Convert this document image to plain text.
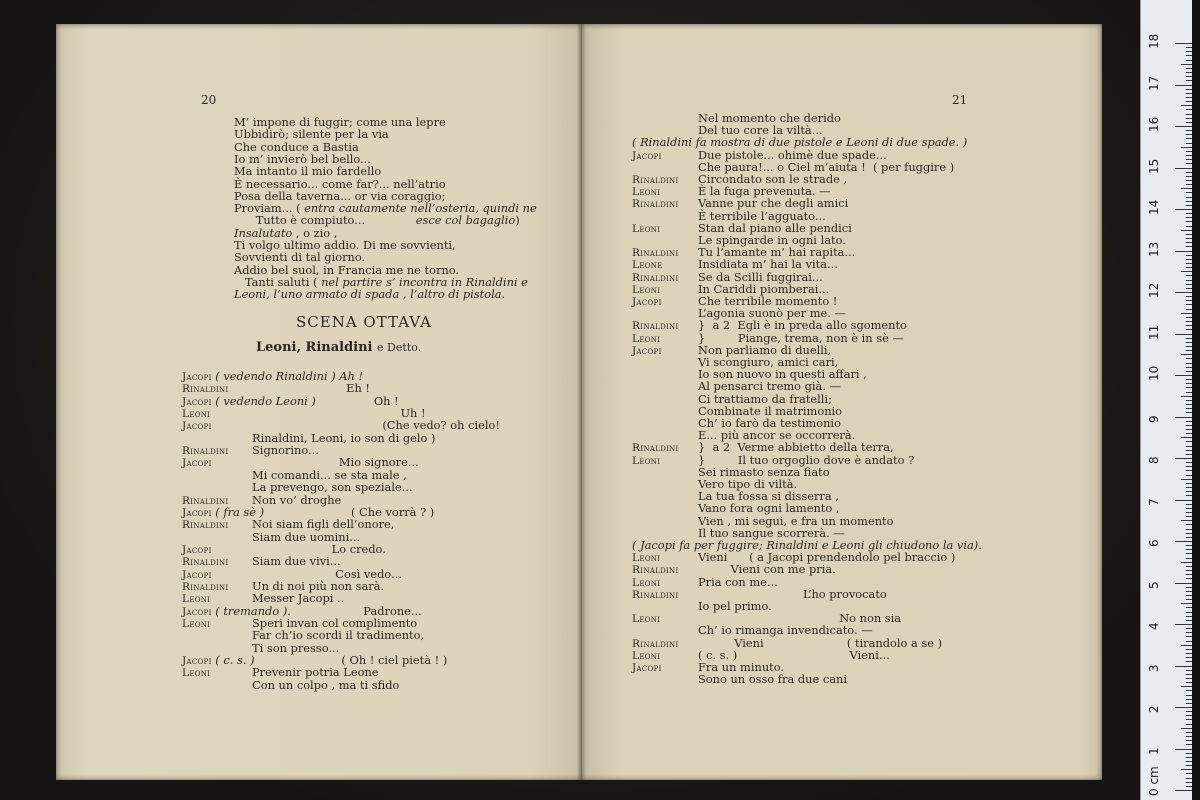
20
M’ impone di fuggir; come una lepre
Ubbidirò; silente per la via
Che conduce a Bastia
Io m’ invierò bel bello...
Ma intanto il mio fardello
È necessario... come far?... nell’atrio
Posa della taverna... or via coraggio;
Proviam... ( entra cautamente nell’osteria, quindi ne
Tutto è compiuto...              esce col bagaglio)
Insalutato , o zio ,
Ti volgo ultimo addio. Di me sovvienti,
Sovvienti di tal giorno.
Addio bel suol, in Francia me ne torno.
Tanti saluti ( nel partire s’ incontra in Rinaldini e
Leoni, l’uno armato di spada , l’altro di pistola.
SCENA OTTAVA
Leoni, Rinaldini e Detto.
Jacopi ( vedendo Rinaldini ) Ah !
Rinaldini                          Eh !
Jacopi ( vedendo Leoni )                Oh !
Leoni	Uh !
Jacopi	(Che vedo? oh cielo!
Rinaldini, Leoni, io son di gelo )
Rinaldini Signorino...
Jacopi	Mio signore...
Mi comandi... se sta male ,
La prevengo, son speziale...
Rinaldini Non vo’ droghe
Jacopi ( fra sè )                        ( Che vorrà ? )
Rinaldini Noi siam figli dell’onore,
Siam due uomini...
Jacopi	Lo credo.
Rinaldini Siam due vivi...
Jacopi	Così vedo...
Rinaldini Un di noi più non sarà.
Leoni	Messer Jacopi ..
Jacopi ( tremando ).                    Padrone...
Leoni	Speri invan col complimento
Far ch’io scordi il tradimento,
Ti son presso...
Jacopi ( c. s. )                        ( Oh ! ciel pietà ! )
Leoni	Prevenir potria Leone
Con un colpo , ma ti sfido
21
Nel momento che derido
Del tuo core la viltà...
( Rinaldini fa mostra di due pistole e Leoni di due spade. )
Jacopi	Due pistole... ohimè due spade...
Che paura!... o Ciel m’aiuta !  ( per fuggire )
Rinaldini Circondato son le strade ,
Leoni	È la fuga prevenuta. —
Rinaldini Vanne pur che degli amici
È terribile l’agguato...
Leoni	Stan dal piano alle pendici
Le spingarde in ogni lato.
Rinaldini Tu l’amante m’ hai rapita...
Leone	Insidiata m’ hai la vita...
Rinaldini Se da Scilli fuggirai...
Leoni	In Cariddi piomberai...
Jacopi	Che terribile momento !
L’agonia suonò per me. —
Rinaldini }  a 2  Egli è in preda allo sgomento
Leoni	}         Piange, trema, non è in sè —
Jacopi	Non parliamo di duelli,
Vi scongiuro, amici cari,
Io son nuovo in questi affari ,
Al pensarci tremo già. —
Ci trattiamo da fratelli;
Combinate il matrimonio
Ch’ io farò da testimonio
E... più ancor se occorrerà.
Rinaldini }  a 2  Verme abbietto della terra,
Leoni	}         Il tuo orgoglio dove è andato ?
Sei rimasto senza fiato
Vero tipo di viltà.
La tua fossa si disserra ,
Vano fora ogni lamento ,
Vien , mi segui, e fra un momento
Il tuo sangue scorrerà. —
( Jacopi fa per fuggire; Rinaldini e Leoni gli chiudono la via).
Leoni	Vieni      ( a Jacopi prendendolo pel braccio )
Rinaldini         Vieni con me pria.
Leoni	Pria con me...
Rinaldini                             L’ho provocato
Io pel primo.
Leoni	No non sia
Ch’ io rimanga invendicato. —
Rinaldini          Vieni                       ( tirandolo a se )
Leoni	( c. s. )                               Vieni...
Jacopi	Fra un minuto.
Sono un osso fra due cani
0 cm
1
2
3
4
5
6
7
8
9
10
11
12
13
14
15
16
17
18
